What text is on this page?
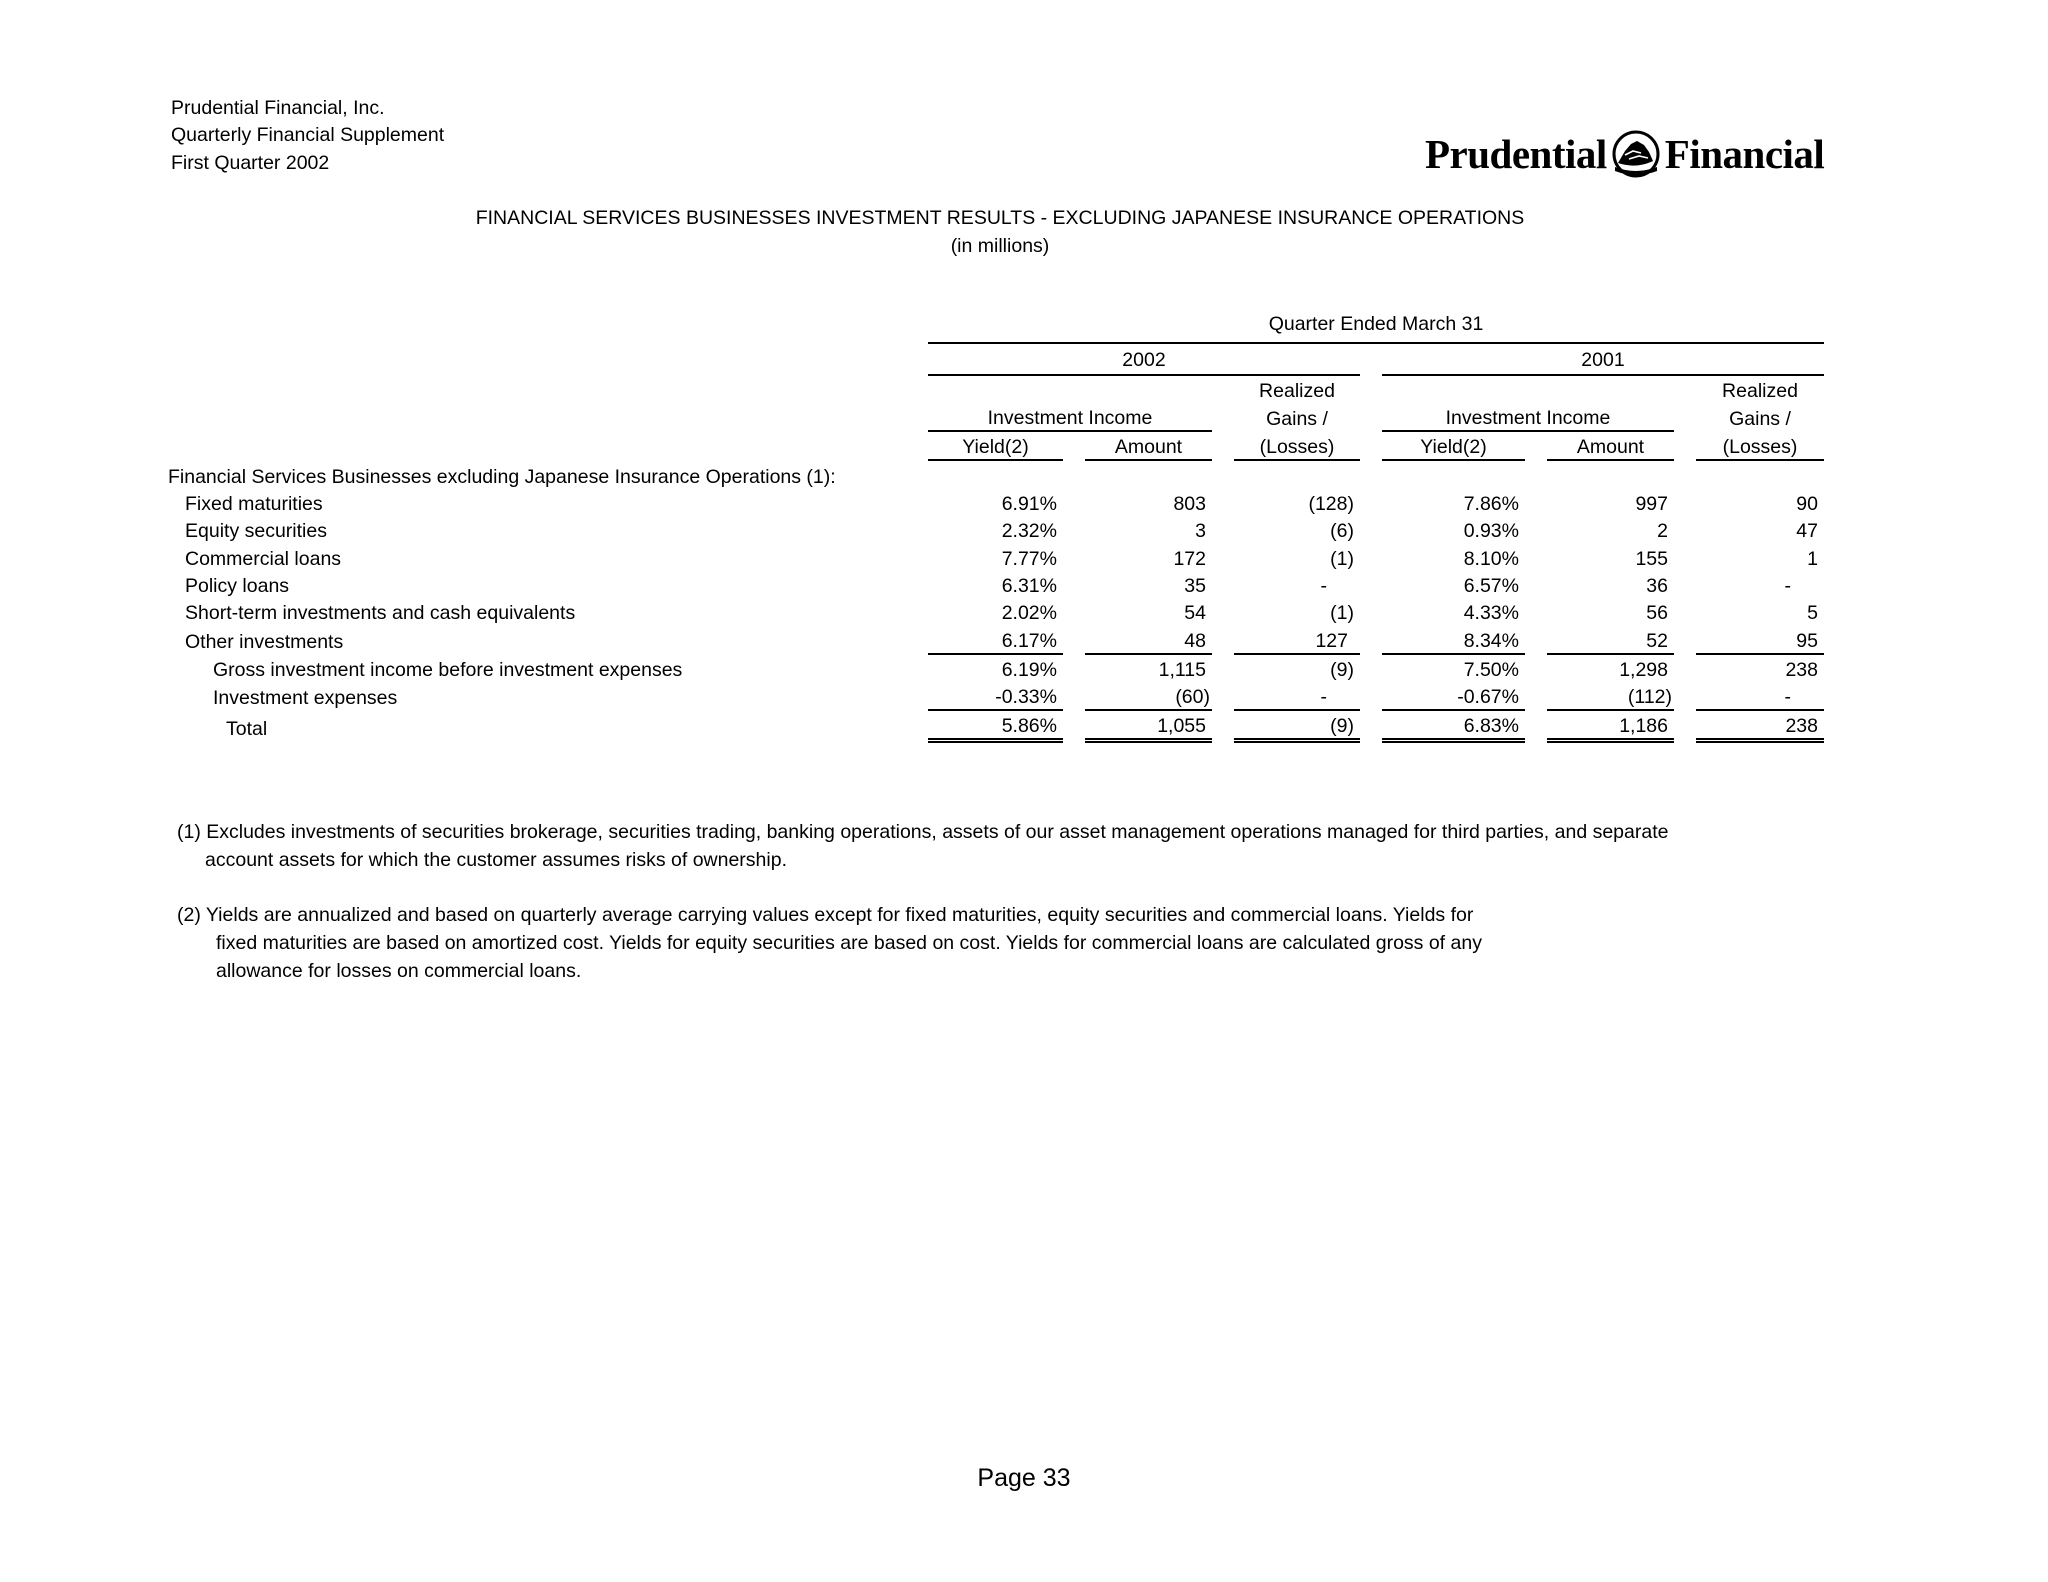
Prudential Financial, Inc.
Quarterly Financial Supplement
First Quarter 2002	Prudential Financial
FINANCIAL SERVICES BUSINESSES INVESTMENT RESULTS - EXCLUDING JAPANESE INSURANCE OPERATIONS
(in millions)
	Quarter Ended March 31										
	2002						2001				
	Realized						Realized				
	Investment Income				Gains /		Investment Income				Gains /
	Yield(2)		Amount		(Losses)		Yield(2)		Amount		(Losses)
Financial Services Businesses excluding Japanese Insurance Operations (1):											
Fixed maturities	6.91%		803		(128)		7.86%		997		90
Equity securities	2.32%		3		(6)		0.93%		2		47
Commercial loans	7.77%		172		(1)		8.10%		155		1
Policy loans	6.31%		35		-		6.57%		36		-
Short-term investments and cash equivalents	2.02%		54		(1)		4.33%		56		5
Other investments	6.17%		48		127		8.34%		52		95
Gross investment income before investment expenses	6.19%		1,115		(9)		7.50%		1,298		238
Investment expenses	-0.33%		(60)		-		-0.67%		(112)		-
Total	5.86%		1,055		(9)		6.83%		1,186		238
(1) Excludes investments of securities brokerage, securities trading, banking operations, assets of our asset management operations managed for third parties, and separate
account assets for which the customer assumes risks of ownership.
(2) Yields are annualized and based on quarterly average carrying values except for fixed maturities, equity securities and commercial loans. Yields for
fixed maturities are based on amortized cost. Yields for equity securities are based on cost. Yields for commercial loans are calculated gross of any
allowance for losses on commercial loans.
Page 33
